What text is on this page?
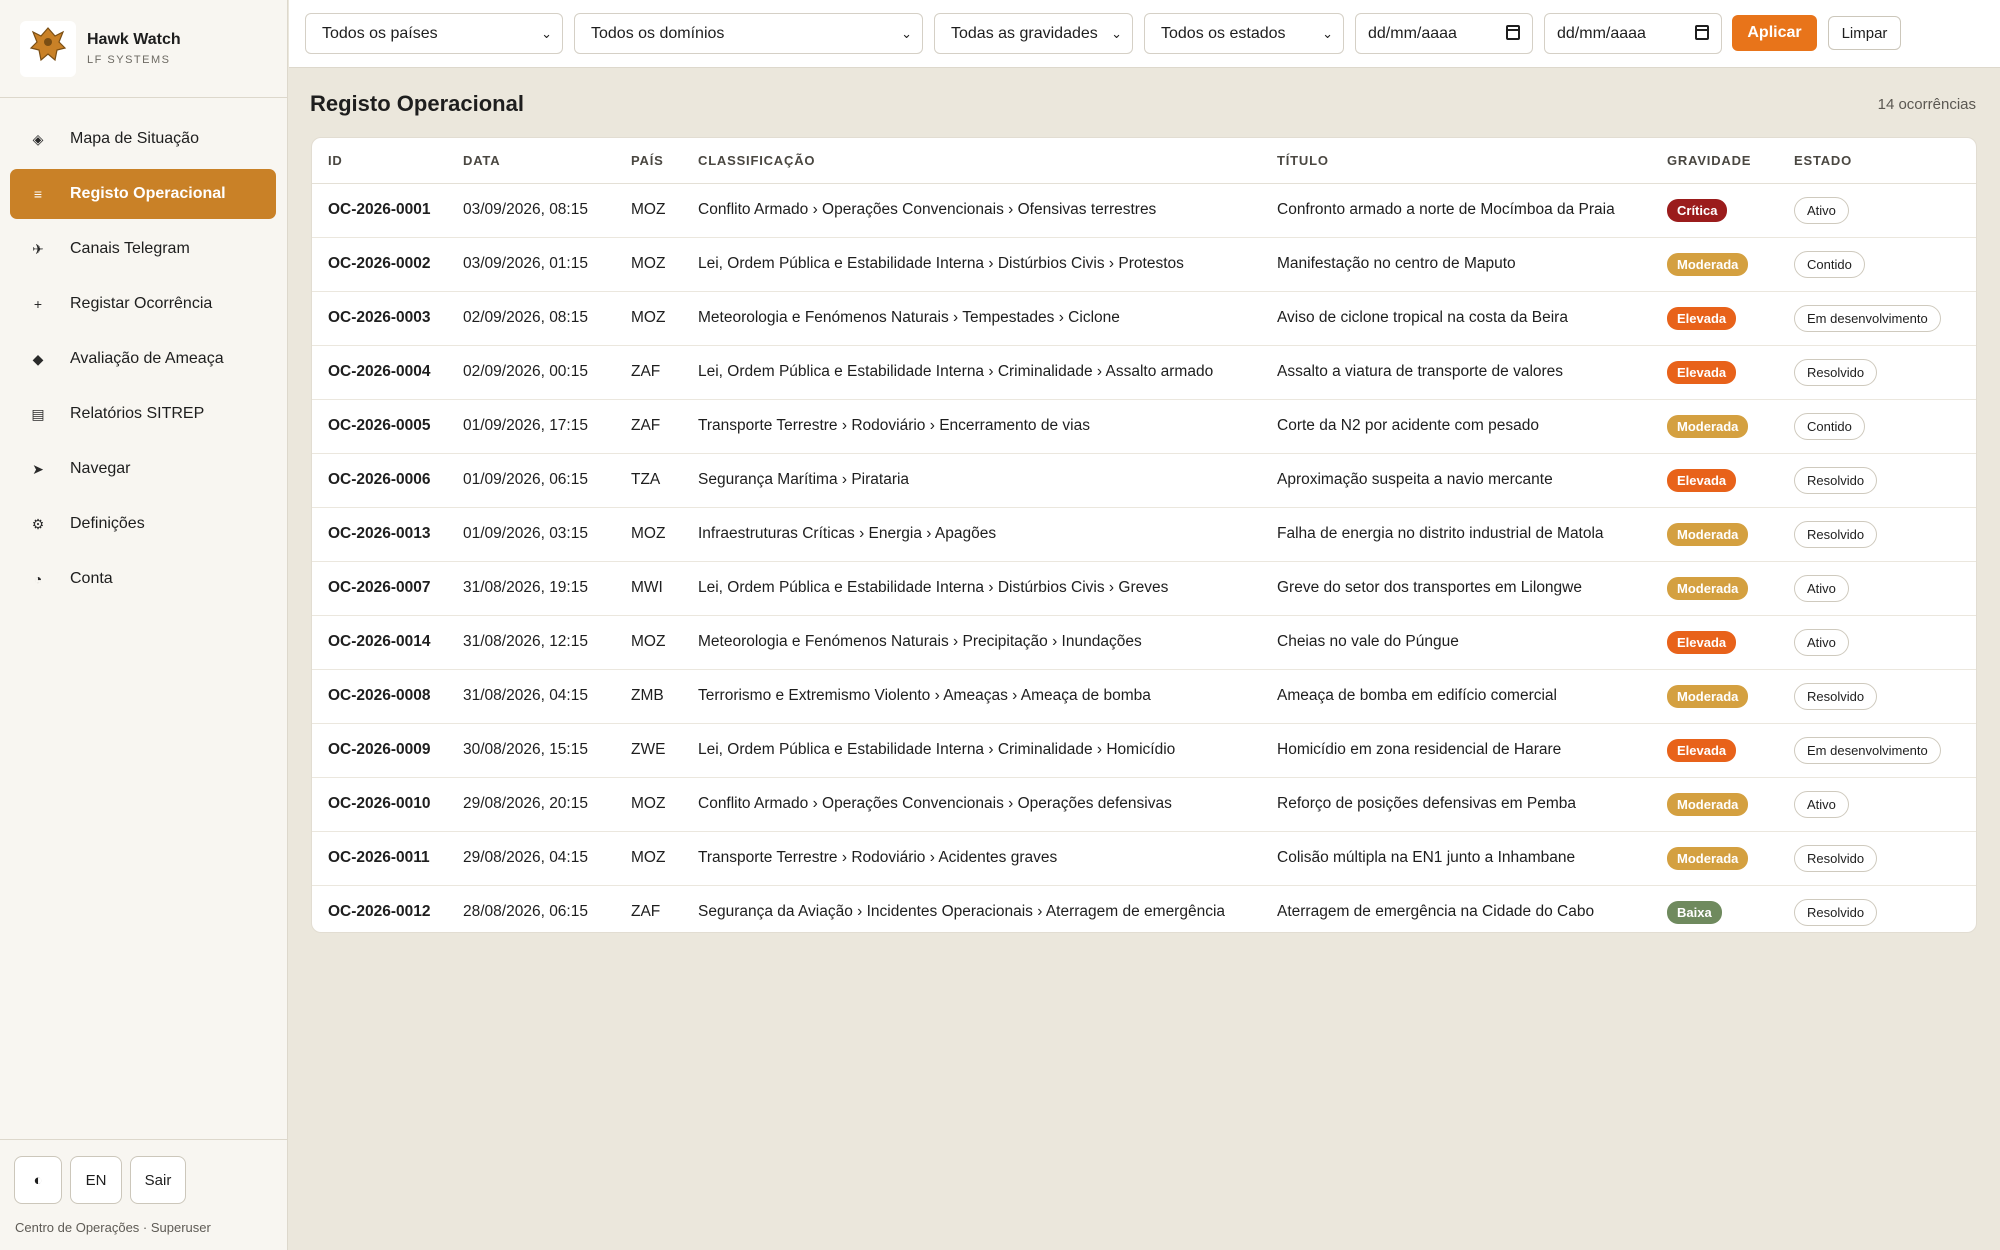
Hawk Watch
LF SYSTEMS
◈ Mapa de Situação
≡	Registo Operacional
✈ Canais Telegram
+	Registar Ocorrência
◆ Avaliação de Ameaça
▤ Relatórios SITREP
➤ Navegar
⚙ Definições
◔	Conta
◐	EN	Sair
Centro de Operações · Superuser
Todos os países	⌄ Todos os domínios	⌄ Todas as gravidades ⌄ Todos os estados	⌄ dd/mm/aaaa	dd/mm/aaaa	Aplicar	Limpar
Registo Operacional	14 ocorrências
ID	DATA	PAÍS	CLASSIFICAÇÃO	TÍTULO	GRAVIDADE	ESTADO
OC-2026-0001	03/09/2026, 08:15	MOZ	Conflito Armado › Operações Convencionais › Ofensivas terrestres	Confronto armado a norte de Mocímboa da Praia	Crítica	Ativo
OC-2026-0002	03/09/2026, 01:15	MOZ	Lei, Ordem Pública e Estabilidade Interna › Distúrbios Civis › Protestos	Manifestação no centro de Maputo	Moderada	Contido
OC-2026-0003	02/09/2026, 08:15	MOZ	Meteorologia e Fenómenos Naturais › Tempestades › Ciclone	Aviso de ciclone tropical na costa da Beira	Elevada	Em desenvolvimento
OC-2026-0004	02/09/2026, 00:15	ZAF	Lei, Ordem Pública e Estabilidade Interna › Criminalidade › Assalto armado	Assalto a viatura de transporte de valores	Elevada	Resolvido
OC-2026-0005	01/09/2026, 17:15	ZAF	Transporte Terrestre › Rodoviário › Encerramento de vias	Corte da N2 por acidente com pesado	Moderada	Contido
OC-2026-0006	01/09/2026, 06:15	TZA	Segurança Marítima › Pirataria	Aproximação suspeita a navio mercante	Elevada	Resolvido
OC-2026-0013	01/09/2026, 03:15	MOZ	Infraestruturas Críticas › Energia › Apagões	Falha de energia no distrito industrial de Matola	Moderada	Resolvido
OC-2026-0007	31/08/2026, 19:15	MWI	Lei, Ordem Pública e Estabilidade Interna › Distúrbios Civis › Greves	Greve do setor dos transportes em Lilongwe	Moderada	Ativo
OC-2026-0014	31/08/2026, 12:15	MOZ	Meteorologia e Fenómenos Naturais › Precipitação › Inundações	Cheias no vale do Púngue	Elevada	Ativo
OC-2026-0008	31/08/2026, 04:15	ZMB	Terrorismo e Extremismo Violento › Ameaças › Ameaça de bomba	Ameaça de bomba em edifício comercial	Moderada	Resolvido
OC-2026-0009	30/08/2026, 15:15	ZWE	Lei, Ordem Pública e Estabilidade Interna › Criminalidade › Homicídio	Homicídio em zona residencial de Harare	Elevada	Em desenvolvimento
OC-2026-0010	29/08/2026, 20:15	MOZ	Conflito Armado › Operações Convencionais › Operações defensivas	Reforço de posições defensivas em Pemba	Moderada	Ativo
OC-2026-0011	29/08/2026, 04:15	MOZ	Transporte Terrestre › Rodoviário › Acidentes graves	Colisão múltipla na EN1 junto a Inhambane	Moderada	Resolvido
OC-2026-0012	28/08/2026, 06:15	ZAF	Segurança da Aviação › Incidentes Operacionais › Aterragem de emergência	Aterragem de emergência na Cidade do Cabo	Baixa	Resolvido
